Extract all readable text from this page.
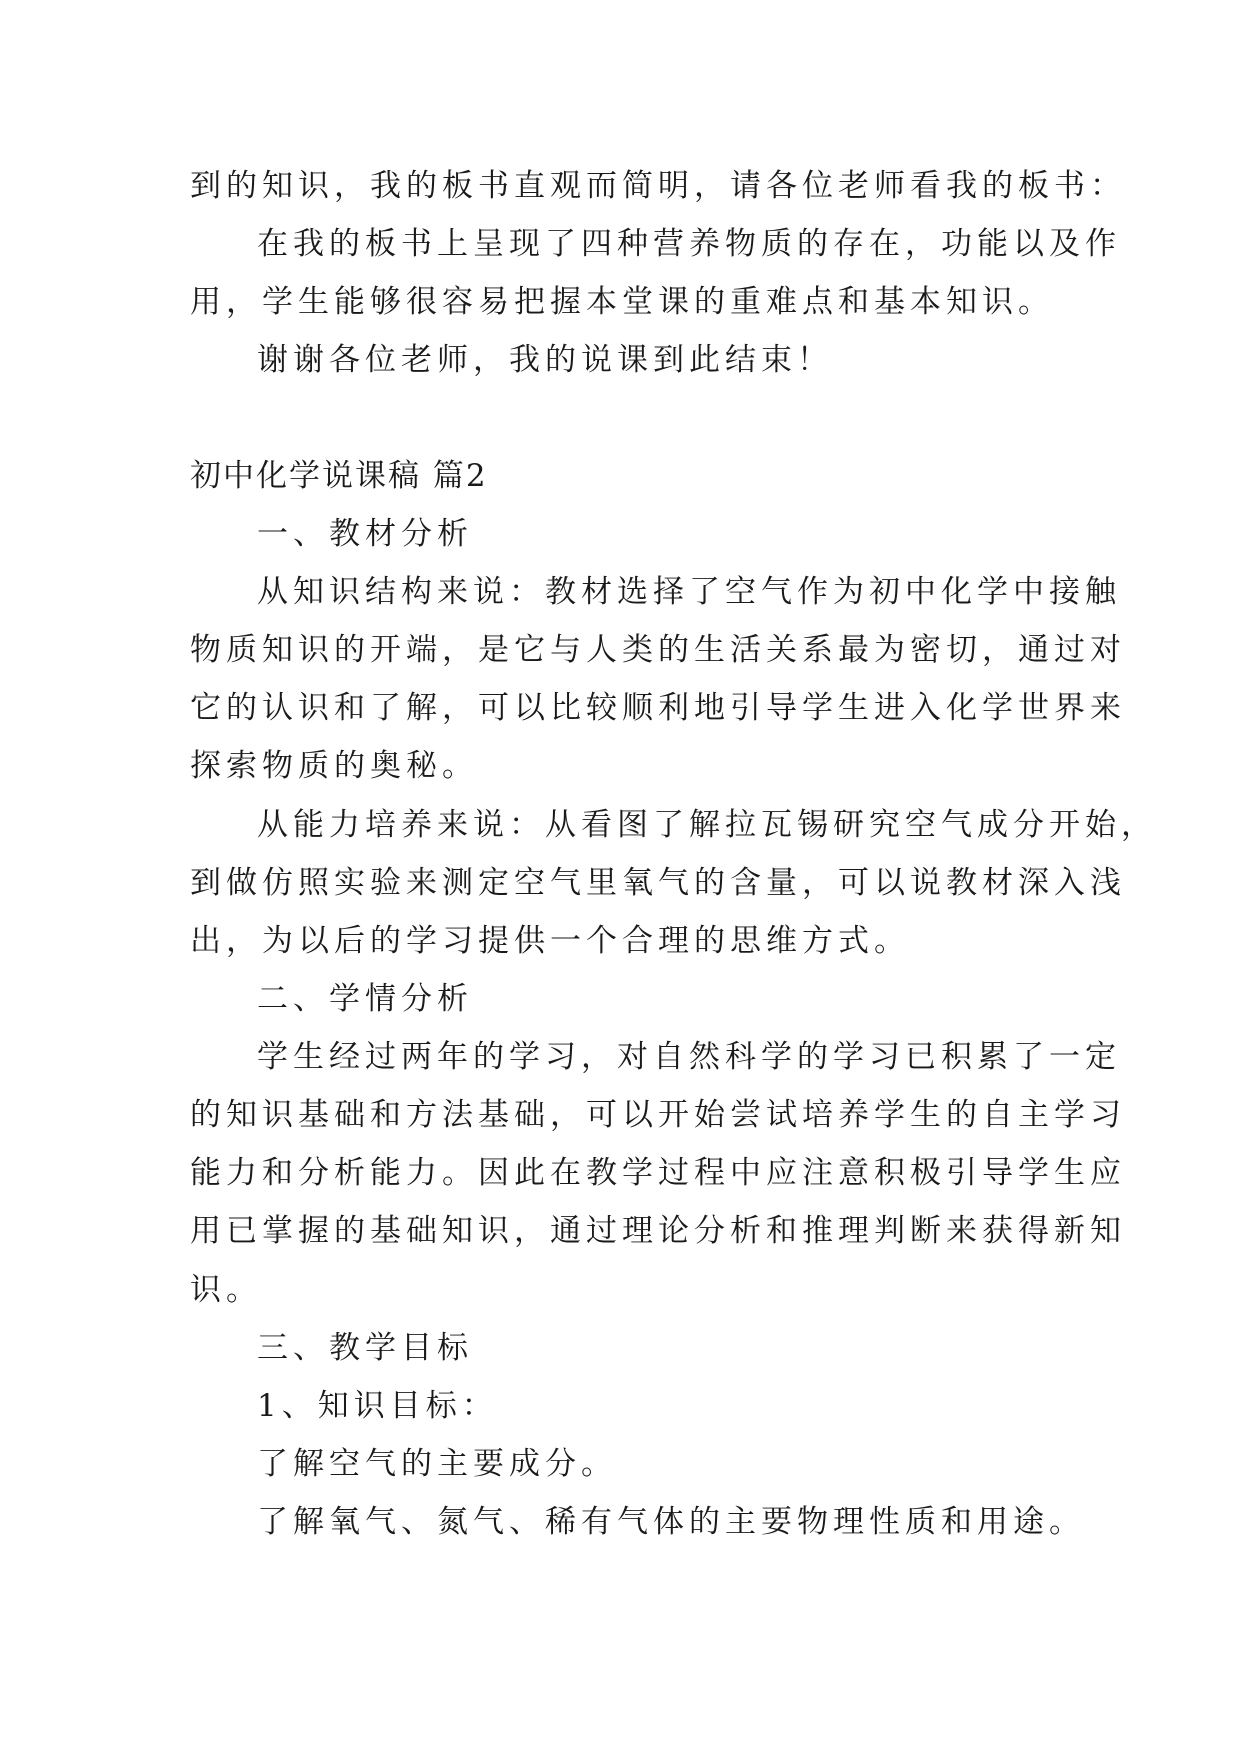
到的知识，我的板书直观而简明，请各位老师看我的板书：
在我的板书上呈现了四种营养物质的存在，功能以及作
用，学生能够很容易把握本堂课的重难点和基本知识。
谢谢各位老师，我的说课到此结束！
初中化学说课稿 篇2
一、教材分析
从知识结构来说：教材选择了空气作为初中化学中接触
物质知识的开端，是它与人类的生活关系最为密切，通过对
它的认识和了解，可以比较顺利地引导学生进入化学世界来
探索物质的奥秘。
从能力培养来说：从看图了解拉瓦锡研究空气成分开始，
到做仿照实验来测定空气里氧气的含量，可以说教材深入浅
出，为以后的学习提供一个合理的思维方式。
二、学情分析
学生经过两年的学习，对自然科学的学习已积累了一定
的知识基础和方法基础，可以开始尝试培养学生的自主学习
能力和分析能力。因此在教学过程中应注意积极引导学生应
用已掌握的基础知识，通过理论分析和推理判断来获得新知
识。
三、教学目标
1、知识目标：
了解空气的主要成分。
了解氧气、氮气、稀有气体的主要物理性质和用途。
